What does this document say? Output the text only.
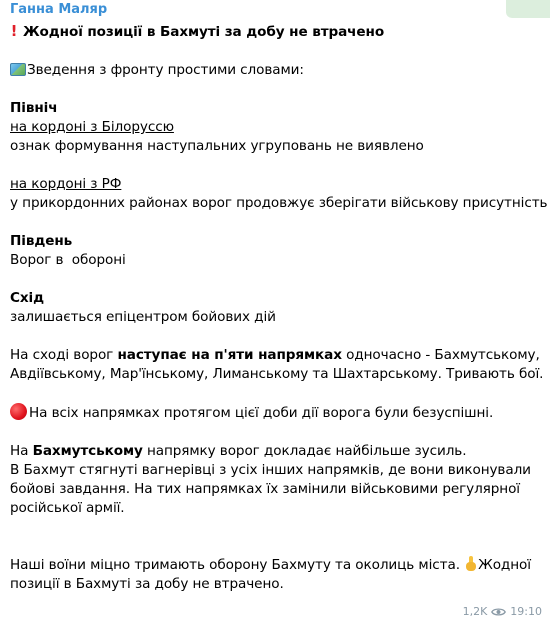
Ганна Маляр
! Жодної позиції в Бахмуті за добу не втрачено
Зведення з фронту простими словами:
Північ
на кордоні з Білоруссю
ознак формування наступальних угруповань не виявлено
на кордоні з РФ
у прикордонних районах ворог продовжує зберігати військову присутність
Південь
Ворог в  обороні
Схід
залишається епіцентром бойових дій
На сході ворог наступає на п'яти напрямках одночасно - Бахмутському,
Авдіївському, Мар'їнському, Лиманському та Шахтарському. Тривають бої.
На всіх напрямках протягом цієї доби дії ворога були безуспішні.
На Бахмутському напрямку ворог докладає найбільше зусиль.
В Бахмут стягнуті вагнерівці з усіх інших напрямків, де вони виконували
бойові завдання. На тих напрямках їх замінили військовими регулярної
російської армії.
Наші воїни міцно тримають оборону Бахмуту та околиць міста. Жодної
позиції в Бахмуті за добу не втрачено.
1,2K 19:10
